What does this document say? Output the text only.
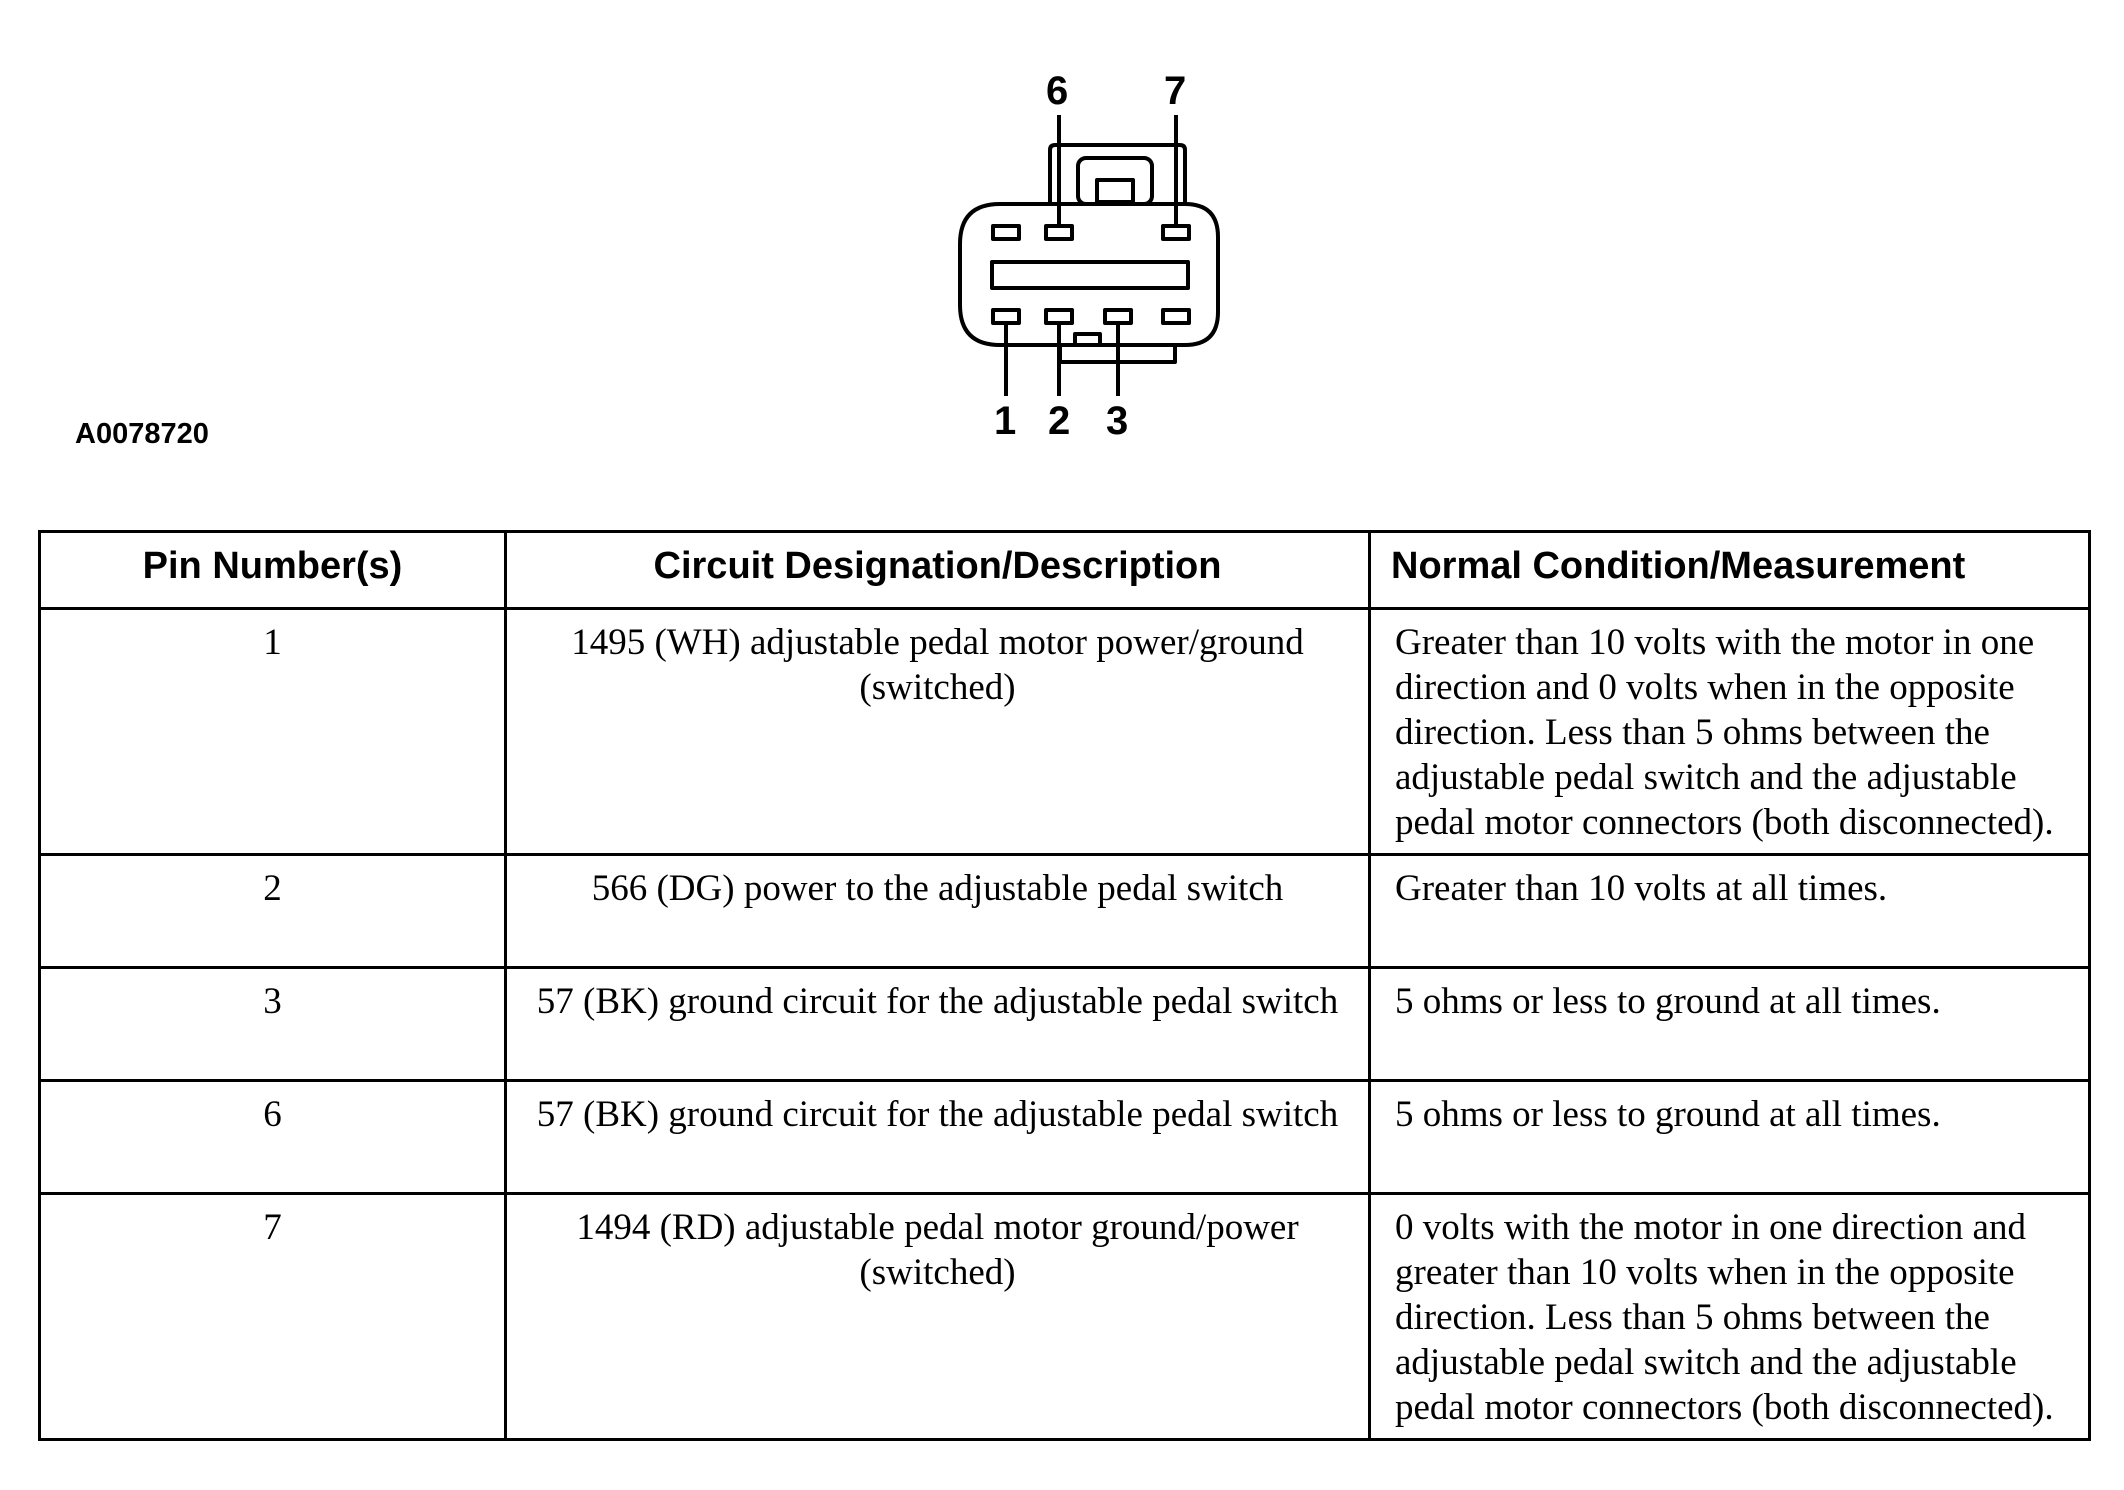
6 7
1 2 3
A0078720
Pin Number(s)	Circuit Designation/Description	Normal Condition/Measurement
1	1495 (WH) adjustable pedal motor power/ground (switched)	Greater than 10 volts with the motor in one direction and 0 volts when in the opposite direction. Less than 5 ohms between the adjustable pedal switch and the adjustable pedal motor connectors (both disconnected).
2	566 (DG) power to the adjustable pedal switch	Greater than 10 volts at all times.
3	57 (BK) ground circuit for the adjustable pedal switch	5 ohms or less to ground at all times.
6	57 (BK) ground circuit for the adjustable pedal switch	5 ohms or less to ground at all times.
7	1494 (RD) adjustable pedal motor ground/power (switched)	0 volts with the motor in one direction and greater than 10 volts when in the opposite direction. Less than 5 ohms between the adjustable pedal switch and the adjustable pedal motor connectors (both disconnected).
